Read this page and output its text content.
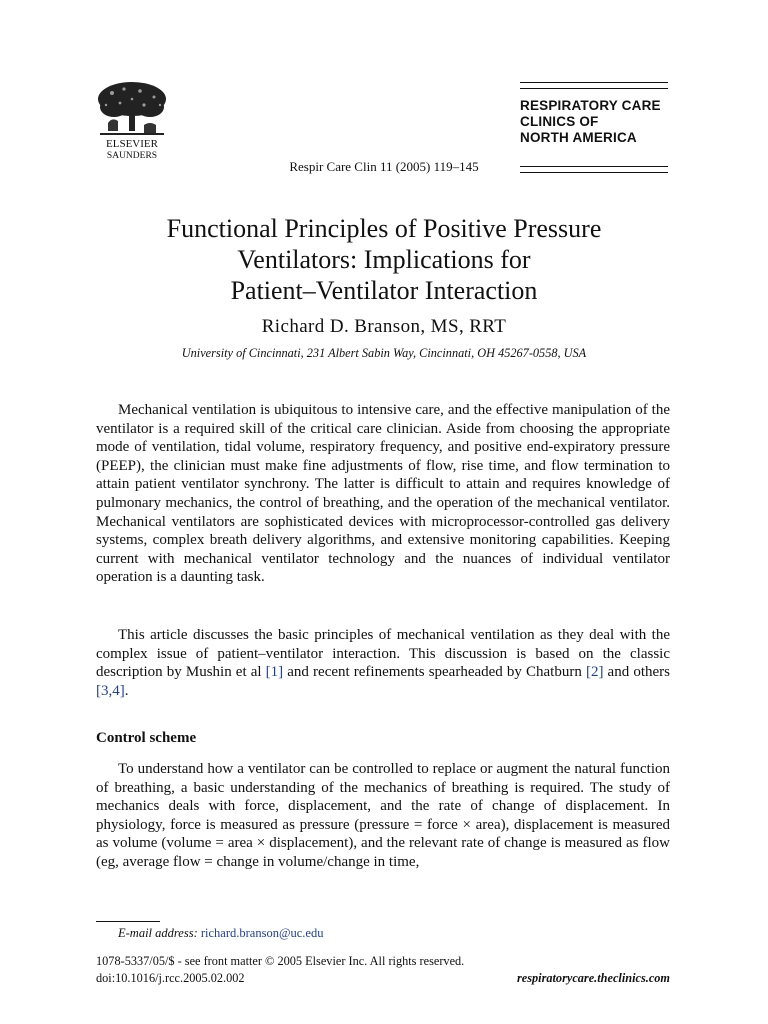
ELSEVIER
SAUNDERS
Respir Care Clin 11 (2005) 119–145
RESPIRATORY CARE
CLINICS OF
NORTH AMERICA
Functional Principles of Positive Pressure
Ventilators: Implications for
Patient–Ventilator Interaction
Richard D. Branson, MS, RRT
University of Cincinnati, 231 Albert Sabin Way, Cincinnati, OH 45267-0558, USA

Mechanical ventilation is ubiquitous to intensive care, and the effective manipulation of the ventilator is a required skill of the critical care clinician. Aside from choosing the appropriate mode of ventilation, tidal volume, respiratory frequency, and positive end-expiratory pressure (PEEP), the clinician must make fine adjustments of flow, rise time, and flow termination to attain patient ventilator synchrony. The latter is difficult to attain and requires knowledge of pulmonary mechanics, the control of breathing, and the operation of the mechanical ventilator. Mechanical ventilators are sophisticated devices with microprocessor-controlled gas delivery systems, complex breath delivery algorithms, and extensive monitoring capabilities. Keeping current with mechanical ventilator technology and the nuances of individual ventilator operation is a daunting task.

This article discusses the basic principles of mechanical ventilation as they deal with the complex issue of patient–ventilator interaction. This discussion is based on the classic description by Mushin et al [1] and recent refinements spearheaded by Chatburn [2] and others [3,4].

Control scheme

To understand how a ventilator can be controlled to replace or augment the natural function of breathing, a basic understanding of the mechanics of breathing is required. The study of mechanics deals with force, displacement, and the rate of change of displacement. In physiology, force is measured as pressure (pressure = force × area), displacement is measured as volume (volume = area × displacement), and the relevant rate of change is measured as flow (eg, average flow = change in volume/change in time,

E-mail address: richard.branson@uc.edu
1078-5337/05/$ - see front matter © 2005 Elsevier Inc. All rights reserved.
doi:10.1016/j.rcc.2005.02.002	respiratorycare.theclinics.com
